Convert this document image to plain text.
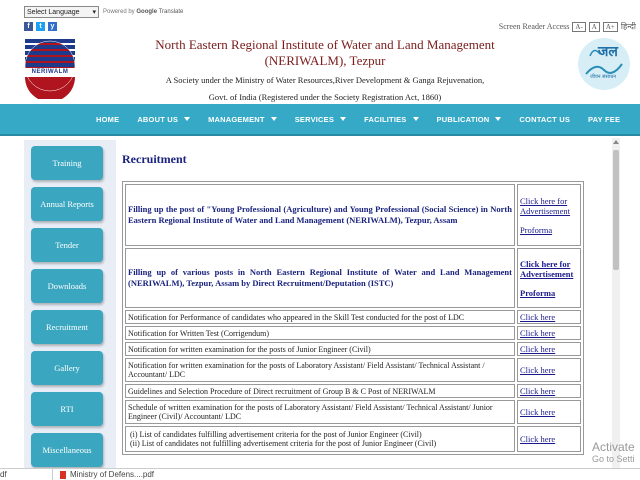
Select Language ▾ Powered by Google Translate
f	t	y	Screen Reader Access A-	A	A+ हिन्दी
NERIWALM
North Eastern Regional Institute of Water and Land Management (NERIWALM), Tezpur
A Society under the Ministry of Water Resources,River Development & Ganga Rejuvenation,
Govt. of India (Registered under the Society Registration Act, 1860)
जल
जीवन संसाधन
HOME ABOUT US	MANAGEMENT	SERVICES	FACILITIES	PUBLICATION	CONTACT US PAY FEE
Training
Annual Reports
Tender
Downloads
Recruitment
Gallery
RTI
Miscellaneous
Recruitment
Filling up the post of "Young Professional (Agriculture) and Young Professional (Social Science) in North Eastern Regional Institute of Water and Land Management (NERIWALM), Tezpur, Assam	Click here for Advertisement

Proforma
Filling up of various posts in North Eastern Regional Institute of Water and Land Management (NERIWALM), Tezpur, Assam by Direct Recruitment/Deputation (ISTC)	Click here for Advertisement

Proforma
Notification for Performance of candidates who appeared in the Skill Test conducted for the post of LDC	Click here
Notification for Written Test (Corrigendum)	Click here
Notification for written examination for the posts of Junior Engineer (Civil)	Click here
Notification for written examination for the posts of Laboratory Assistant/ Field Assistant/ Technical Assistant / Accountant/ LDC	Click here
Guidelines and Selection Procedure of Direct recruitment of Group B & C Post of NERIWALM	Click here
Schedule of written examination for the posts of Laboratory Assistant/ Field Assistant/ Technical Assistant/ Junior Engineer (Civil)/ Accountant/ LDC	Click here

(i) List of candidates fulfilling advertisement criteria for the post of Junior Engineer (Civil)
(ii) List of candidates not fulfilling advertisement criteria for the post of Junior Engineer (Civil)	Click here
Activate
Go to Setti
df	Ministry of Defens....pdf
